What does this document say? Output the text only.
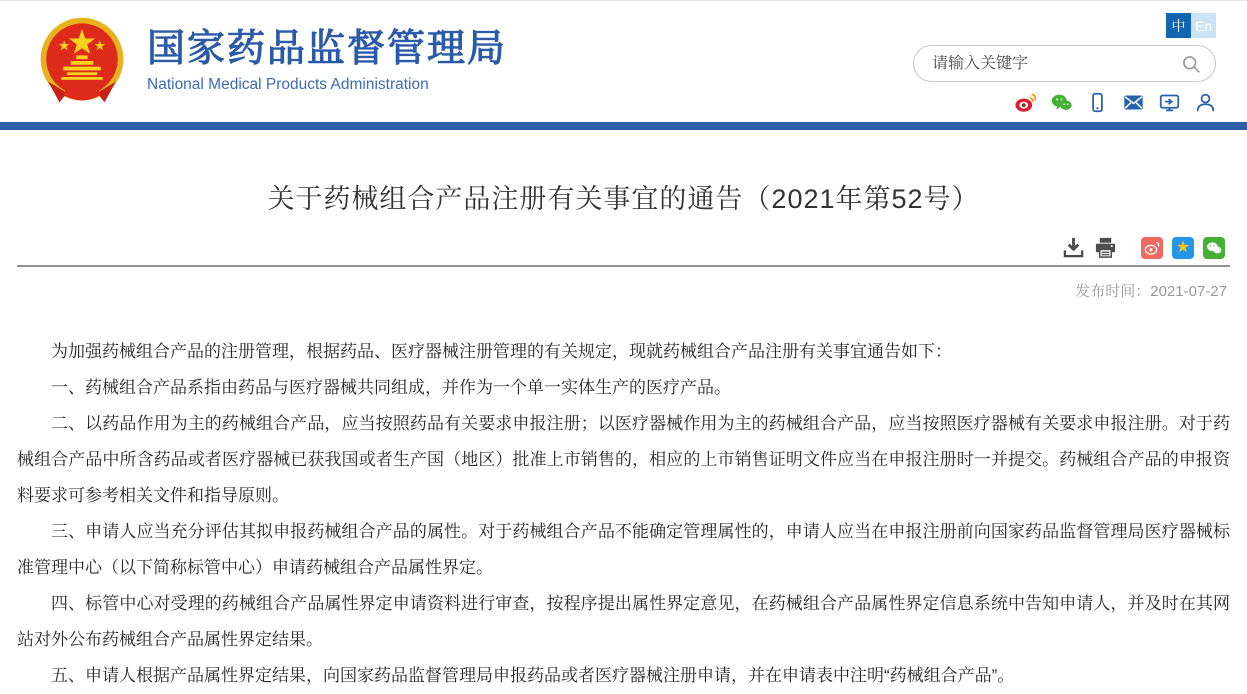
国家药品监督管理局
National Medical Products Administration
中 En
请输入关键字
关于药械组合产品注册有关事宜的通告（2021年第52号）
★
发布时间：2021-07-27

为加强药械组合产品的注册管理，根据药品、医疗器械注册管理的有关规定，现就药械组合产品注册有关事宜通告如下：

一、药械组合产品系指由药品与医疗器械共同组成，并作为一个单一实体生产的医疗产品。

二、以药品作用为主的药械组合产品，应当按照药品有关要求申报注册；以医疗器械作用为主的药械组合产品，应当按照医疗器械有关要求申报注册。对于药械组合产品中所含药品或者医疗器械已获我国或者生产国（地区）批准上市销售的，相应的上市销售证明文件应当在申报注册时一并提交。药械组合产品的申报资料要求可参考相关文件和指导原则。

三、申请人应当充分评估其拟申报药械组合产品的属性。对于药械组合产品不能确定管理属性的，申请人应当在申报注册前向国家药品监督管理局医疗器械标准管理中心（以下简称标管中心）申请药械组合产品属性界定。

四、标管中心对受理的药械组合产品属性界定申请资料进行审查，按程序提出属性界定意见，在药械组合产品属性界定信息系统中告知申请人，并及时在其网站对外公布药械组合产品属性界定结果。

五、申请人根据产品属性界定结果，向国家药品监督管理局申报药品或者医疗器械注册申请，并在申请表中注明“药械组合产品”。
